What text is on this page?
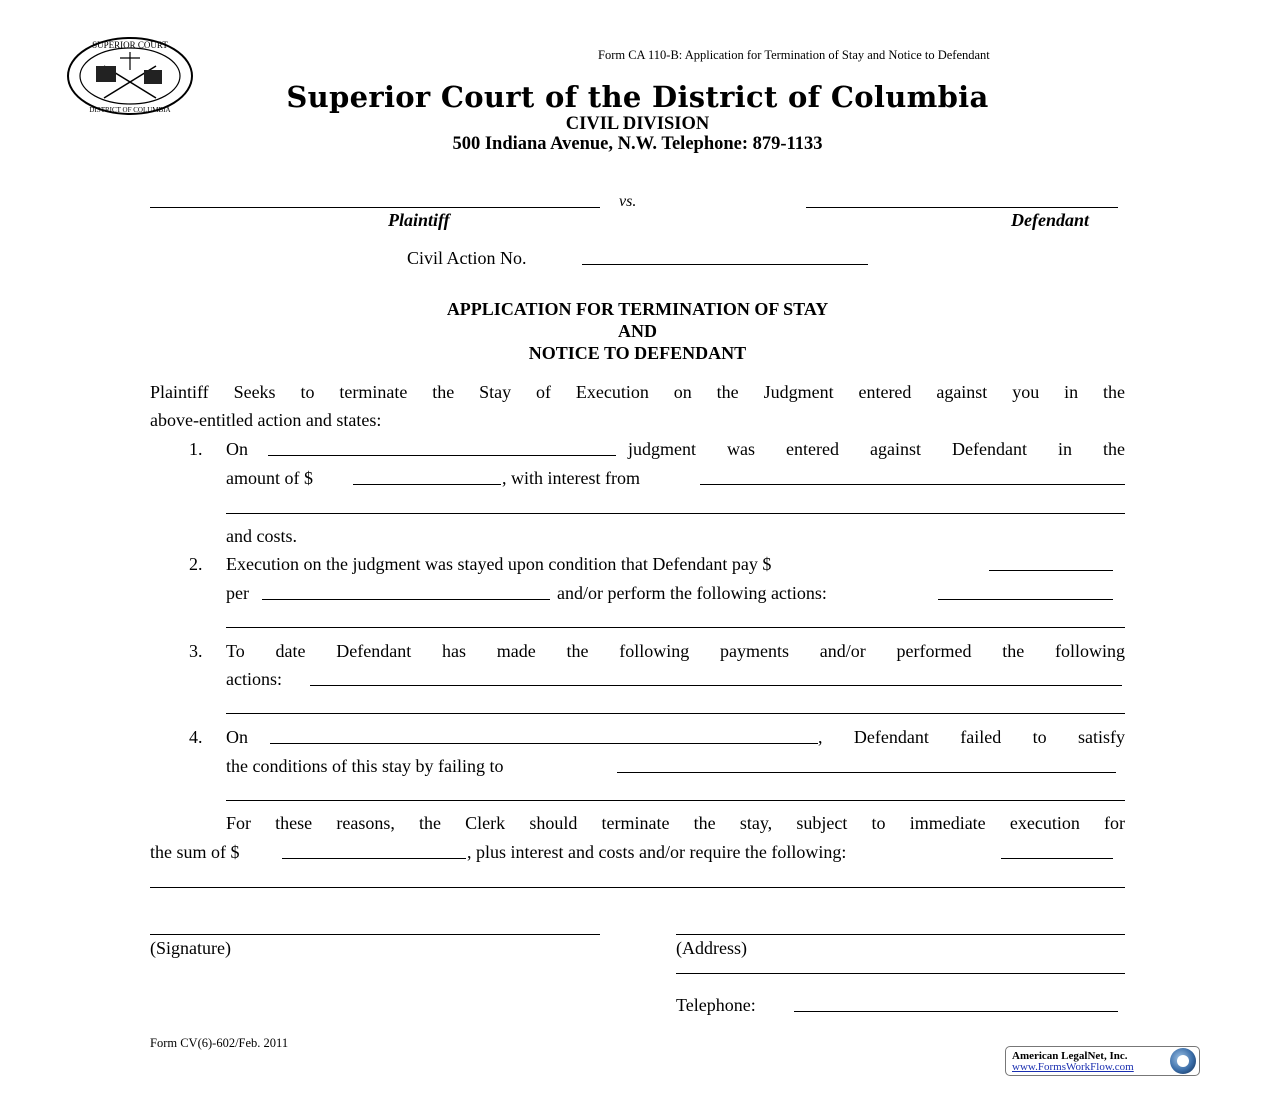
SUPERIOR COURT
DISTRICT OF COLUMBIA
Form CA 110-B: Application for Termination of Stay and Notice to Defendant
Superior Court of the District of Columbia
CIVIL DIVISION
500 Indiana Avenue, N.W. Telephone: 879-1133
vs.
Plaintiff	Defendant
Civil Action No.
APPLICATION FOR TERMINATION OF STAY
AND
NOTICE TO DEFENDANT
Plaintiff Seeks to terminate the Stay of Execution on the Judgment entered against you in the
above-entitled action and states:
1. On	judgment was entered against Defendant in the
amount of $	, with interest from
and costs.
2. Execution on the judgment was stayed upon condition that Defendant pay $
per	and/or perform the following actions:
3. To date Defendant has made the following payments and/or performed the following
actions:
4. On	, Defendant failed to satisfy
the conditions of this stay by failing to
For these reasons, the Clerk should terminate the stay, subject to immediate execution for
the sum of $	, plus interest and costs and/or require the following:
(Signature)	(Address)
Telephone:
Form CV(6)-602/Feb. 2011
American LegalNet, Inc.
www.FormsWorkFlow.com
